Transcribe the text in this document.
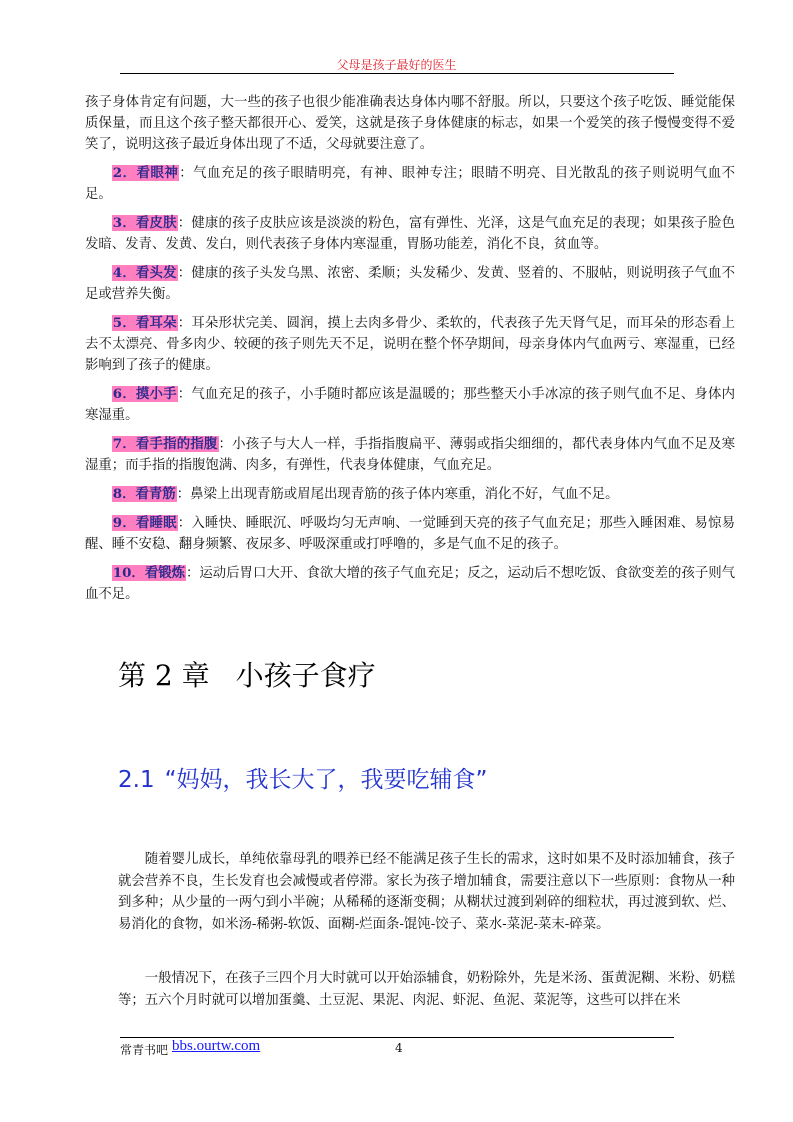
父母是孩子最好的医生

孩子身体肯定有问题，大一些的孩子也很少能准确表达身体内哪不舒服。所以，只要这个孩子吃饭、睡觉能保质保量，而且这个孩子整天都很开心、爱笑，这就是孩子身体健康的标志，如果一个爱笑的孩子慢慢变得不爱笑了，说明这孩子最近身体出现了不适，父母就要注意了。

2．看眼神：气血充足的孩子眼睛明亮，有神、眼神专注；眼睛不明亮、目光散乱的孩子则说明气血不足。

3．看皮肤：健康的孩子皮肤应该是淡淡的粉色，富有弹性、光泽，这是气血充足的表现；如果孩子脸色发暗、发青、发黄、发白，则代表孩子身体内寒湿重，胃肠功能差，消化不良，贫血等。

4．看头发：健康的孩子头发乌黑、浓密、柔顺；头发稀少、发黄、竖着的、不服帖，则说明孩子气血不足或营养失衡。

5．看耳朵：耳朵形状完美、圆润，摸上去肉多骨少、柔软的，代表孩子先天肾气足，而耳朵的形态看上去不太漂亮、骨多肉少、较硬的孩子则先天不足，说明在整个怀孕期间，母亲身体内气血两亏、寒湿重，已经影响到了孩子的健康。

6．摸小手：气血充足的孩子，小手随时都应该是温暖的；那些整天小手冰凉的孩子则气血不足、身体内寒湿重。

7．看手指的指腹：小孩子与大人一样，手指指腹扁平、薄弱或指尖细细的，都代表身体内气血不足及寒湿重；而手指的指腹饱满、肉多，有弹性，代表身体健康，气血充足。

8．看青筋：鼻梁上出现青筋或眉尾出现青筋的孩子体内寒重，消化不好，气血不足。

9．看睡眠：入睡快、睡眠沉、呼吸均匀无声响、一觉睡到天亮的孩子气血充足；那些入睡困难、易惊易醒、睡不安稳、翻身频繁、夜尿多、呼吸深重或打呼噜的，多是气血不足的孩子。

10．看锻炼：运动后胃口大开、食欲大增的孩子气血充足；反之，运动后不想吃饭、食欲变差的孩子则气血不足。

第 2 章 小孩子食疗
2.1 “妈妈，我长大了，我要吃辅食”

随着婴儿成长，单纯依靠母乳的喂养已经不能满足孩子生长的需求，这时如果不及时添加辅食，孩子就会营养不良，生长发育也会减慢或者停滞。家长为孩子增加辅食，需要注意以下一些原则：食物从一种到多种；从少量的一两勺到小半碗；从稀稀的逐渐变稠；从糊状过渡到剁碎的细粒状，再过渡到软、烂、易消化的食物，如米汤-稀粥-软饭、面糊-烂面条-馄饨-饺子、菜水-菜泥-菜末-碎菜。

一般情况下，在孩子三四个月大时就可以开始添辅食，奶粉除外，先是米汤、蛋黄泥糊、米粉、奶糕等；五六个月时就可以增加蛋羹、土豆泥、果泥、肉泥、虾泥、鱼泥、菜泥等，这些可以拌在米

常青书吧 bbs.ourtw.com	4
